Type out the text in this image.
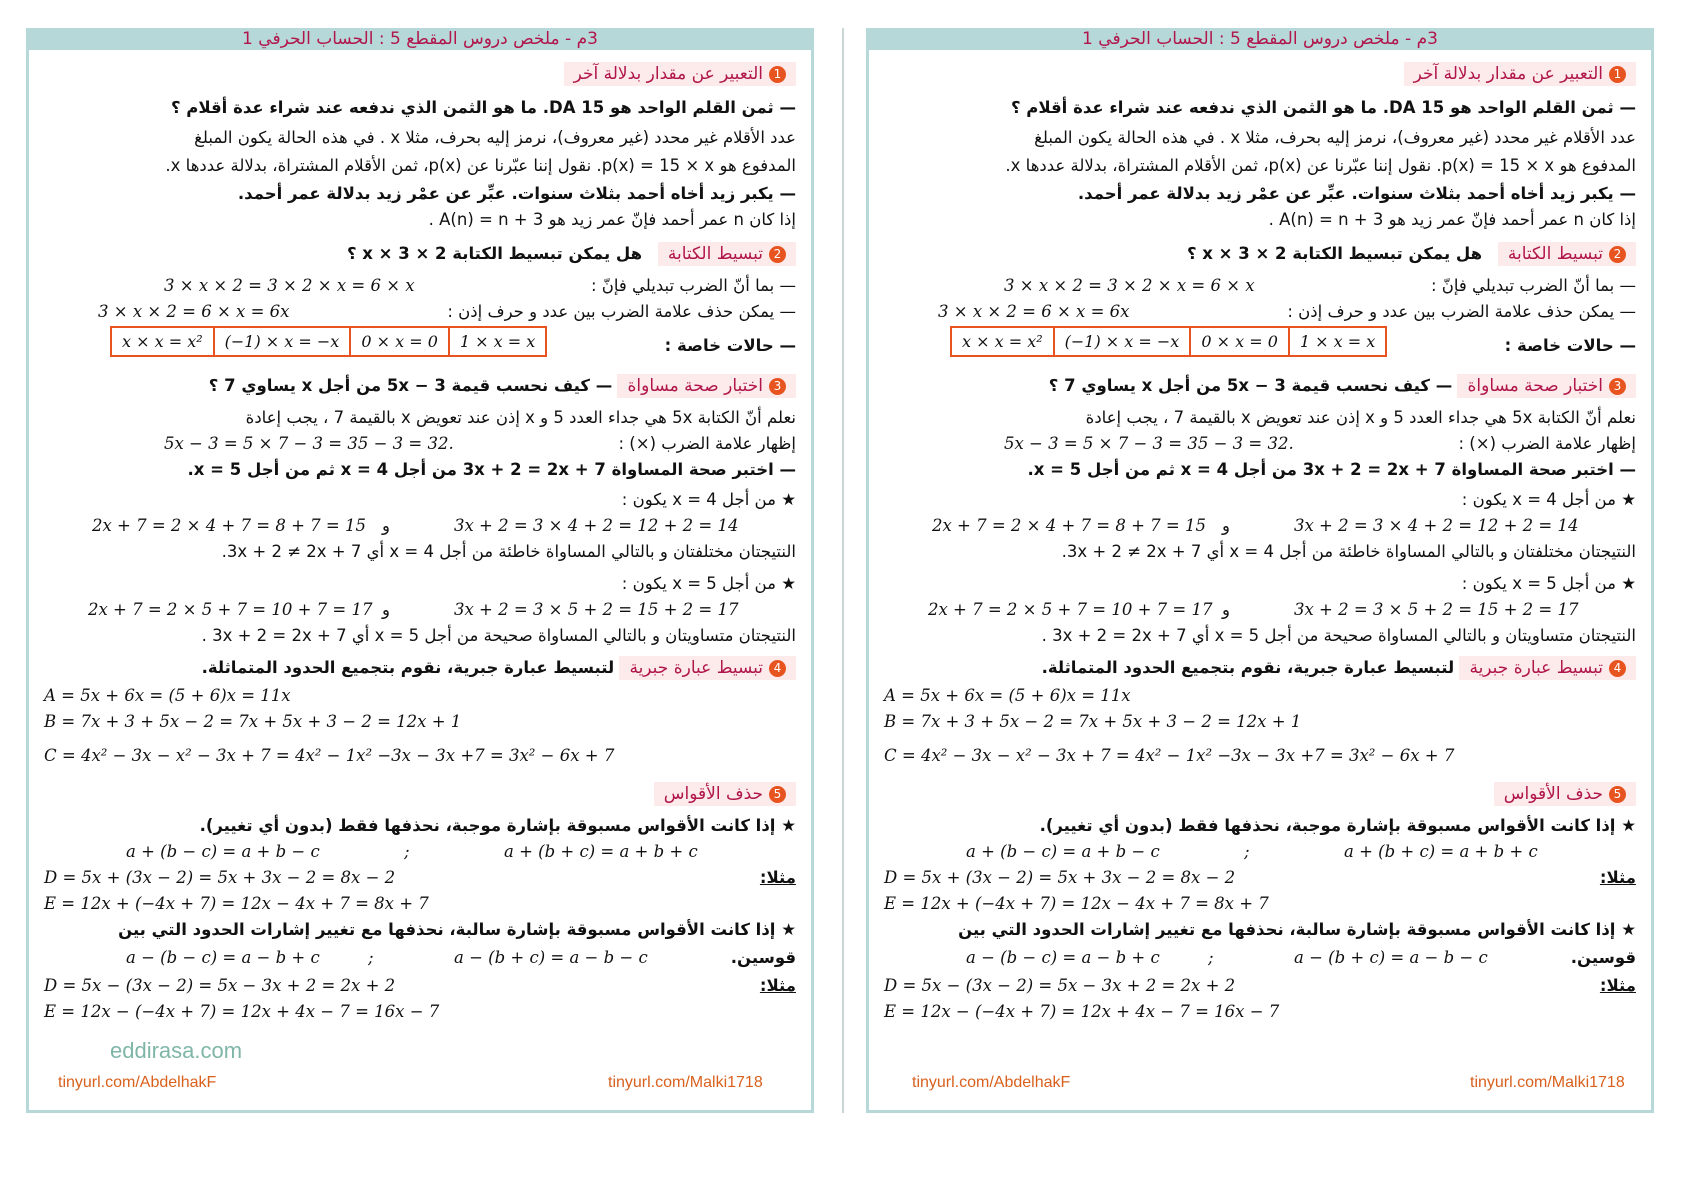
3م - ملخص دروس المقطع 5 : الحساب الحرفي 1
1التعبير عن مقدار بدلالة آخر
— ثمن القلم الواحد هو 15 DA. ما هو الثمن الذي ندفعه عند شراء عدة أقلام ؟
عدد الأقلام غير محدد (غير معروف)، نرمز إليه بحرف، مثلا x . في هذه الحالة يكون المبلغ
المدفوع هو p(x) = 15 × x. نقول إننا عبّرنا عن p(x)، ثمن الأقلام المشتراة، بدلالة عددها x.
— يكبر زيد أخاه أحمد بثلاث سنوات. عبِّر عن عمْر زيد بدلالة عمر أحمد.
إذا كان n عمر أحمد فإنّ عمر زيد هو A(n) = n + 3 .
2تبسيط الكتابة   هل يمكن تبسيط الكتابة 2 × x × 3 ؟
— بما أنّ الضرب تبديلي فإنّ :
3 × x × 2 = 3 × 2 × x = 6 × x
— يمكن حذف علامة الضرب بين عدد و حرف إذن :
3 × x × 2 = 6 × x = 6x
— حالات خاصة :
x × x = x²	(−1) × x = −x	0 × x = 0	1 × x = x
3اختبار صحة مساواة — كيف نحسب قيمة 5x − 3 من أجل x يساوي 7 ؟
نعلم أنّ الكتابة 5x هي جداء العدد 5 و x إذن عند تعويض x بالقيمة 7 ، يجب إعادة
إظهار علامة الضرب (×) :
5x − 3 = 5 × 7 − 3 = 35 − 3 = 32.
— اختبر صحة المساواة 3x + 2 = 2x + 7 من أجل x = 4 ثم من أجل x = 5.
★ من أجل x = 4 يكون :
3x + 2 = 3 × 4 + 2 = 12 + 2 = 14
و
2x + 7 = 2 × 4 + 7 = 8 + 7 = 15
النتيجتان مختلفتان و بالتالي المساواة خاطئة من أجل x = 4 أي 3x + 2 ≠ 2x + 7.
★ من أجل x = 5 يكون :
3x + 2 = 3 × 5 + 2 = 15 + 2 = 17
و
2x + 7 = 2 × 5 + 7 = 10 + 7 = 17
النتيجتان متساويتان و بالتالي المساواة صحيحة من أجل x = 5 أي 3x + 2 = 2x + 7 .
4تبسيط عبارة جبرية لتبسيط عبارة جبرية، نقوم بتجميع الحدود المتماثلة.
A = 5x + 6x = (5 + 6)x = 11x
B = 7x + 3 + 5x − 2 = 7x + 5x + 3 − 2 = 12x + 1
C = 4x² − 3x − x² − 3x + 7 = 4x² − 1x² −3x − 3x +7 = 3x² − 6x + 7
5حذف الأقواس
★ إذا كانت الأقواس مسبوقة بإشارة موجبة، نحذفها فقط (بدون أي تغيير).
a + (b + c) = a + b + c
;
a + (b − c) = a + b − c
مثلا:
D = 5x + (3x − 2) = 5x + 3x − 2 = 8x − 2
E = 12x + (−4x + 7) = 12x − 4x + 7 = 8x + 7
★ إذا كانت الأقواس مسبوقة بإشارة سالبة، نحذفها مع تغيير إشارات الحدود التي بين
قوسين.
a − (b + c) = a − b − c
;
a − (b − c) = a − b + c
مثلا:
D = 5x − (3x − 2) = 5x − 3x + 2 = 2x + 2
E = 12x − (−4x + 7) = 12x + 4x − 7 = 16x − 7
3م - ملخص دروس المقطع 5 : الحساب الحرفي 1
1التعبير عن مقدار بدلالة آخر
— ثمن القلم الواحد هو 15 DA. ما هو الثمن الذي ندفعه عند شراء عدة أقلام ؟
عدد الأقلام غير محدد (غير معروف)، نرمز إليه بحرف، مثلا x . في هذه الحالة يكون المبلغ
المدفوع هو p(x) = 15 × x. نقول إننا عبّرنا عن p(x)، ثمن الأقلام المشتراة، بدلالة عددها x.
— يكبر زيد أخاه أحمد بثلاث سنوات. عبِّر عن عمْر زيد بدلالة عمر أحمد.
إذا كان n عمر أحمد فإنّ عمر زيد هو A(n) = n + 3 .
2تبسيط الكتابة   هل يمكن تبسيط الكتابة 2 × x × 3 ؟
— بما أنّ الضرب تبديلي فإنّ :
3 × x × 2 = 3 × 2 × x = 6 × x
— يمكن حذف علامة الضرب بين عدد و حرف إذن :
3 × x × 2 = 6 × x = 6x
— حالات خاصة :
x × x = x²	(−1) × x = −x	0 × x = 0	1 × x = x
3اختبار صحة مساواة — كيف نحسب قيمة 5x − 3 من أجل x يساوي 7 ؟
نعلم أنّ الكتابة 5x هي جداء العدد 5 و x إذن عند تعويض x بالقيمة 7 ، يجب إعادة
إظهار علامة الضرب (×) :
5x − 3 = 5 × 7 − 3 = 35 − 3 = 32.
— اختبر صحة المساواة 3x + 2 = 2x + 7 من أجل x = 4 ثم من أجل x = 5.
★ من أجل x = 4 يكون :
3x + 2 = 3 × 4 + 2 = 12 + 2 = 14
و
2x + 7 = 2 × 4 + 7 = 8 + 7 = 15
النتيجتان مختلفتان و بالتالي المساواة خاطئة من أجل x = 4 أي 3x + 2 ≠ 2x + 7.
★ من أجل x = 5 يكون :
3x + 2 = 3 × 5 + 2 = 15 + 2 = 17
و
2x + 7 = 2 × 5 + 7 = 10 + 7 = 17
النتيجتان متساويتان و بالتالي المساواة صحيحة من أجل x = 5 أي 3x + 2 = 2x + 7 .
4تبسيط عبارة جبرية لتبسيط عبارة جبرية، نقوم بتجميع الحدود المتماثلة.
A = 5x + 6x = (5 + 6)x = 11x
B = 7x + 3 + 5x − 2 = 7x + 5x + 3 − 2 = 12x + 1
C = 4x² − 3x − x² − 3x + 7 = 4x² − 1x² −3x − 3x +7 = 3x² − 6x + 7
5حذف الأقواس
★ إذا كانت الأقواس مسبوقة بإشارة موجبة، نحذفها فقط (بدون أي تغيير).
a + (b + c) = a + b + c
;
a + (b − c) = a + b − c
مثلا:
D = 5x + (3x − 2) = 5x + 3x − 2 = 8x − 2
E = 12x + (−4x + 7) = 12x − 4x + 7 = 8x + 7
★ إذا كانت الأقواس مسبوقة بإشارة سالبة، نحذفها مع تغيير إشارات الحدود التي بين
قوسين.
a − (b + c) = a − b − c
;
a − (b − c) = a − b + c
مثلا:
D = 5x − (3x − 2) = 5x − 3x + 2 = 2x + 2
E = 12x − (−4x + 7) = 12x + 4x − 7 = 16x − 7
eddirasa.com
tinyurl.com/AbdelhakF	tinyurl.com/Malki1718	tinyurl.com/AbdelhakF	tinyurl.com/Malki1718
